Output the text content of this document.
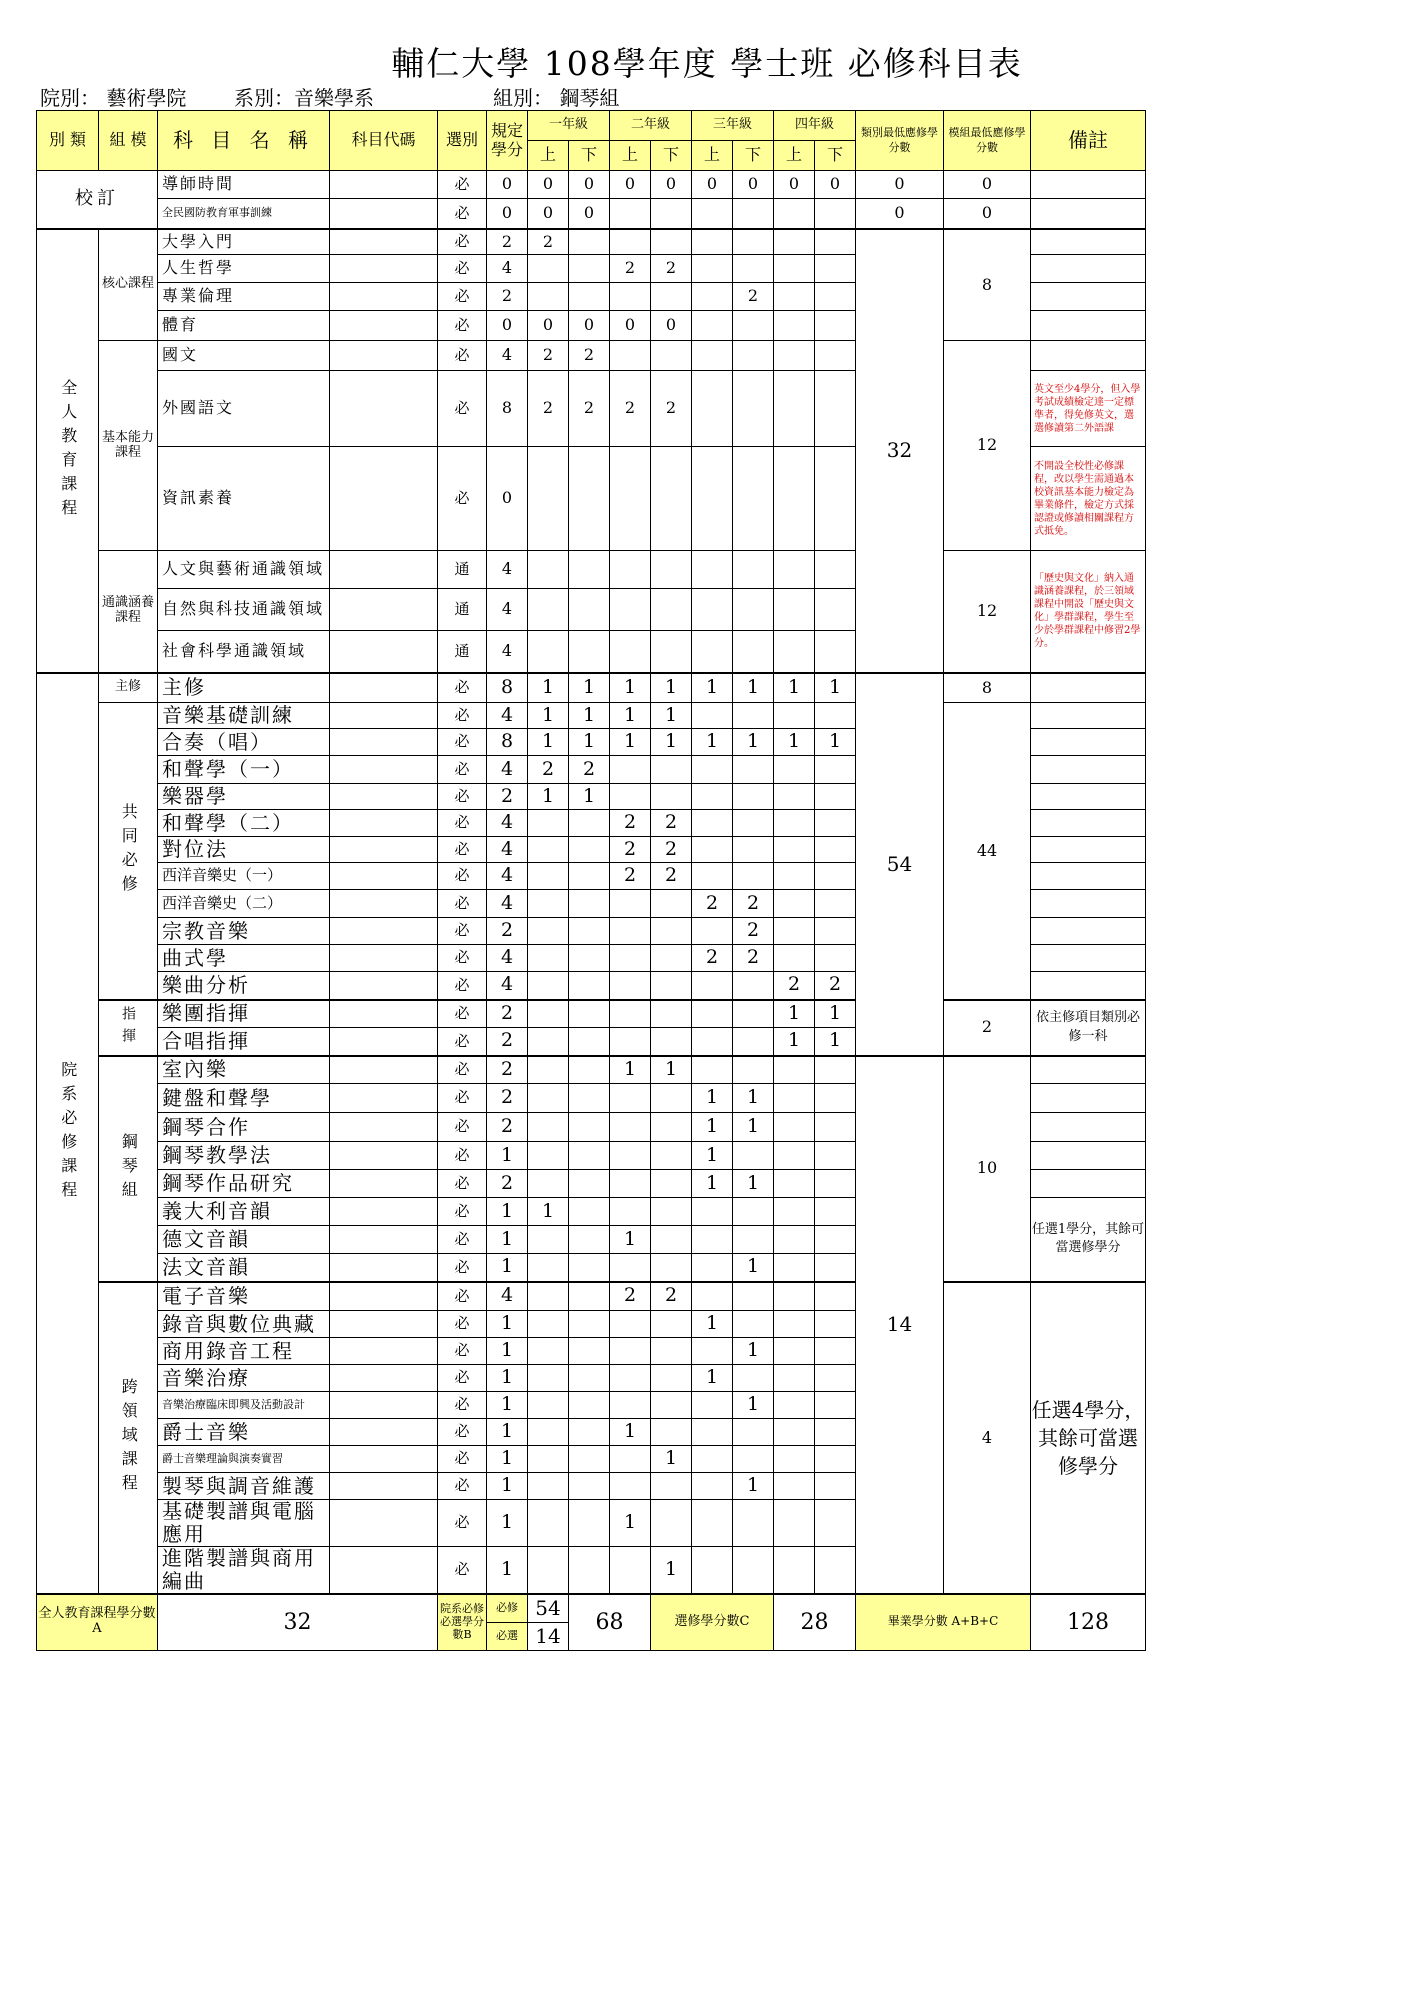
輔仁大學 108學年度 學士班 必修科目表
院別： 藝術學院 系別：音樂學系	組別： 鋼琴組
別 類	組 模	科 目 名 稱	科目代碼	選別	規定學分	一年級		二年級		三年級		四年級		類別最低應修學分數	模組最低應修學分數	備註
						上	下	上	下	上	下	上	下			
校訂		導師時間		必	0	0	0	0	0	0	0	0	0	0	0	
		全民國防教育軍事訓練		必	0	0	0							0	0	

全人教育課程	核心課程	大學入門		必	2	2								32	8	
		人生哲學		必	4			2	2							
		專業倫理		必	2						2					
		體育		必	0	0	0	0	0							
	基本能力課程	國文		必	4	2	2								12	
		外國語文		必	8	2	2	2	2							英文至少4學分，但入學考試成績檢定達一定標準者，得免修英文，選選修讀第二外語課
		資訊素養		必	0											不開設全校性必修課程，改以學生需通過本校資訊基本能力檢定為畢業條件，檢定方式採認證或修讀相關課程方式抵免。
	通識涵養課程	人文與藝術通識領域		通	4										12	「歷史與文化」納入通識涵養課程，於三領域課程中開設「歷史與文化」學群課程，學生至少於學群課程中修習2學分。
		自然與科技通識領域		通	4											
		社會科學通識領域		通	4											

院系必修課程	主修	主修		必	8	1	1	1	1	1	1	1	1	54	8	

	共同必修	音樂基礎訓練		必	4	1	1	1	1						44	
		合奏（唱）		必	8	1	1	1	1	1	1	1	1			
		和聲學（一）		必	4	2	2									
		樂器學		必	2	1	1									
		和聲學（二）		必	4			2	2							
		對位法		必	4			2	2							
		西洋音樂史（一）		必	4			2	2							
		西洋音樂史（二）		必	4					2	2					
		宗教音樂		必	2						2					
		曲式學		必	4					2	2					
		樂曲分析		必	4							2	2			

	指揮	樂團指揮		必	2							1	1		2	依主修項目類別必修一科
		合唱指揮		必	2							1	1			

	鋼琴組	室內樂		必	2			1	1					14	10	
		鍵盤和聲學		必	2					1	1					
		鋼琴合作		必	2					1	1					
		鋼琴教學法		必	1					1						
		鋼琴作品研究		必	2					1	1					
		義大利音韻		必	1	1										任選1學分，其餘可當選修學分
		德文音韻		必	1			1								
		法文音韻		必	1						1					

	跨領域課程	電子音樂		必	4			2	2						4	任選4學分，其餘可當選修學分
		錄音與數位典藏		必	1					1						
		商用錄音工程		必	1						1					
		音樂治療		必	1					1						
		音樂治療臨床即興及活動設計		必	1						1					
		爵士音樂		必	1			1								
		爵士音樂理論與演奏實習		必	1				1							
		製琴與調音維護		必	1						1					
		基礎製譜與電腦應用		必	1			1								
		進階製譜與商用編曲		必	1				1							
全人教育課程學分數A		32		院系必修必選學分數B	必修	54	68		選修學分數C			28		畢業學分數 A+B+C		128
					必選	14										
